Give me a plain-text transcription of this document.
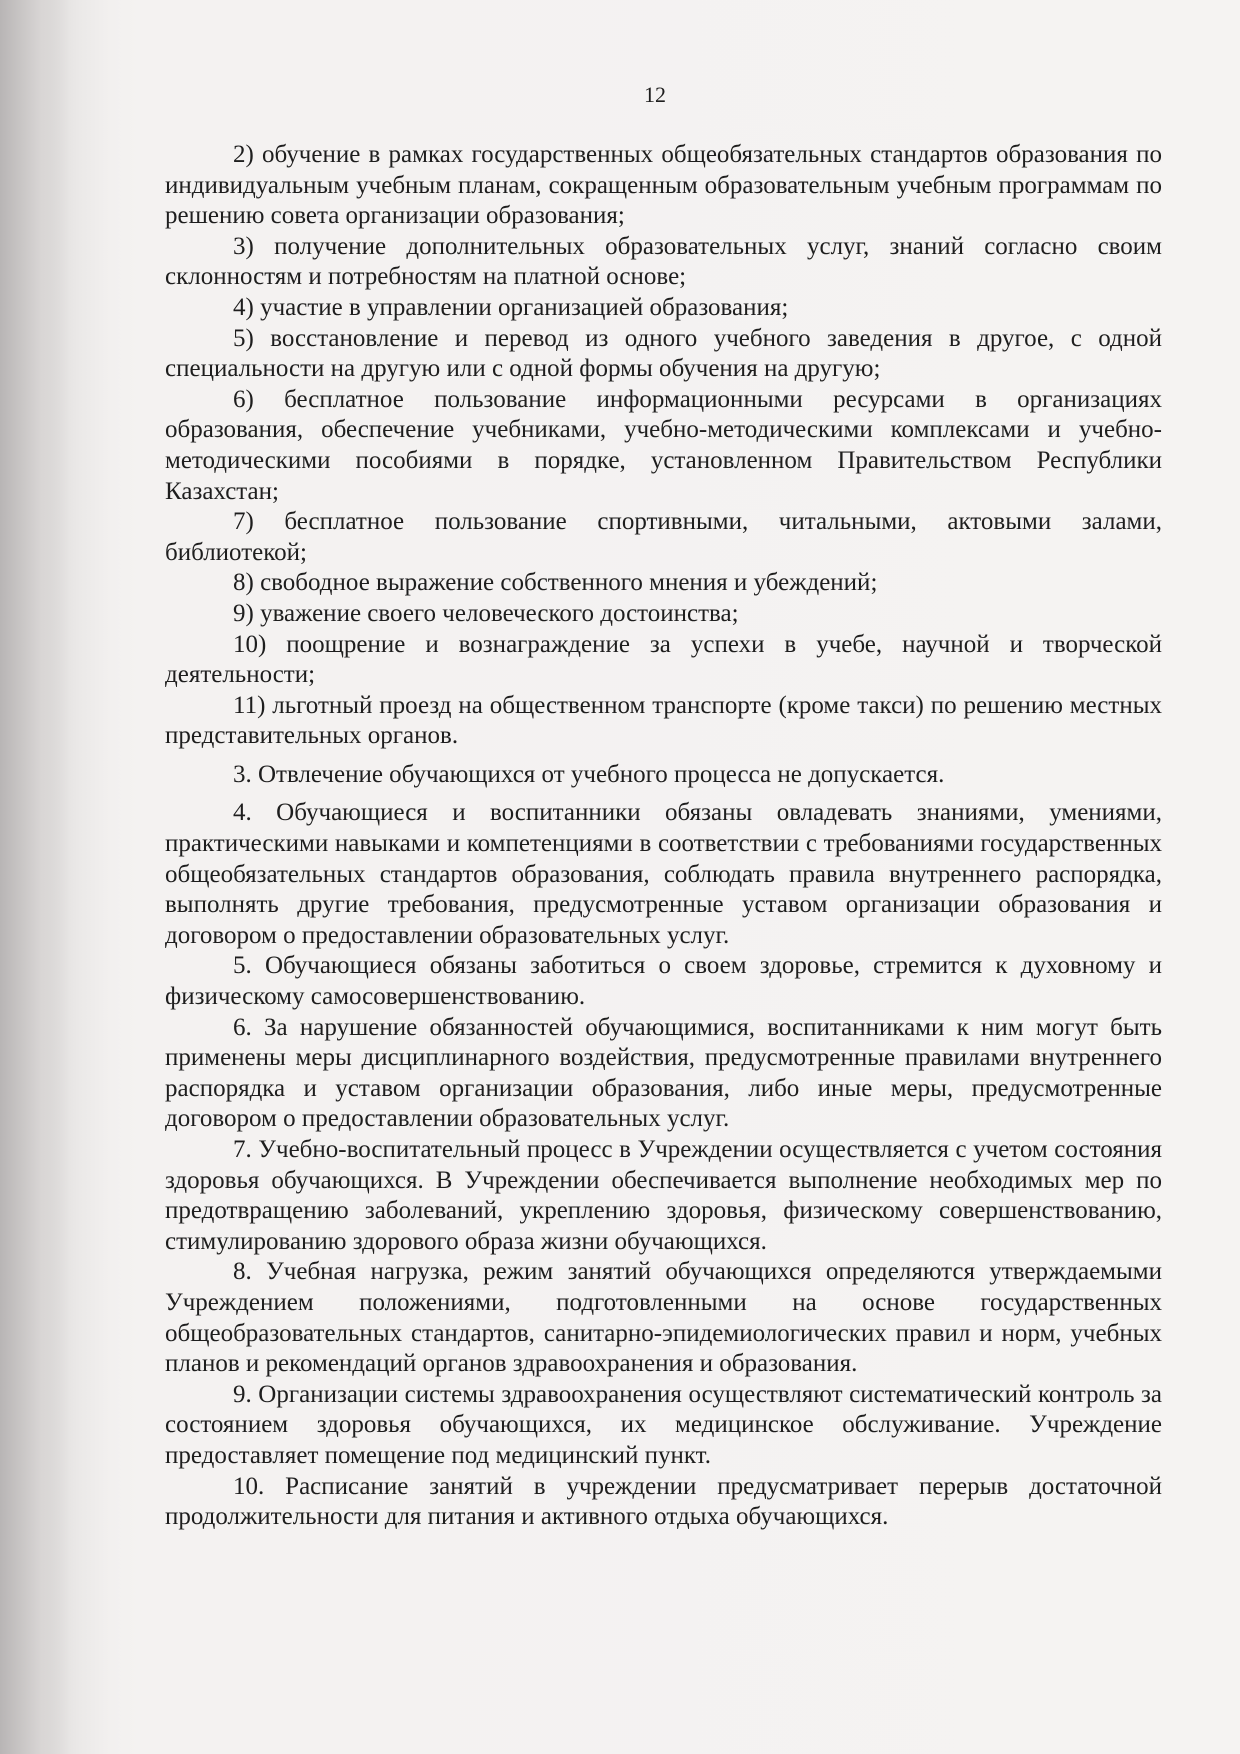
12

2) обучение в рамках государственных общеобязательных стандартов образования по индивидуальным учебным планам, сокращенным образовательным учебным программам по решению совета организации образования;

3) получение дополнительных образовательных услуг, знаний согласно своим склонностям и потребностям на платной основе;

4) участие в управлении организацией образования;

5) восстановление и перевод из одного учебного заведения в другое, с одной специальности на другую или с одной формы обучения на другую;

6) бесплатное пользование информационными ресурсами в организациях образования, обеспечение учебниками, учебно-методическими комплексами и учебно-методическими пособиями в порядке, установленном Правительством Республики Казахстан;

7) бесплатное пользование спортивными, читальными, актовыми залами, библиотекой;

8) свободное выражение собственного мнения и убеждений;

9) уважение своего человеческого достоинства;

10) поощрение и вознаграждение за успехи в учебе, научной и творческой деятельности;

11) льготный проезд на общественном транспорте (кроме такси) по решению местных представительных органов.

3. Отвлечение обучающихся от учебного процесса не допускается.

4. Обучающиеся и воспитанники обязаны овладевать знаниями, умениями, практическими навыками и компетенциями в соответствии с требованиями государственных общеобязательных стандартов образования, соблюдать правила внутреннего распорядка, выполнять другие требования, предусмотренные уставом организации образования и договором о предоставлении образовательных услуг.

5. Обучающиеся обязаны заботиться о своем здоровье, стремится к духовному и физическому самосовершенствованию.

6. За нарушение обязанностей обучающимися, воспитанниками к ним могут быть применены меры дисциплинарного воздействия, предусмотренные правилами внутреннего распорядка и уставом организации образования, либо иные меры, предусмотренные договором о предоставлении образовательных услуг.

7. Учебно-воспитательный процесс в Учреждении осуществляется с учетом состояния здоровья обучающихся. В Учреждении обеспечивается выполнение необходимых мер по предотвращению заболеваний, укреплению здоровья, физическому совершенствованию, стимулированию здорового образа жизни обучающихся.

8. Учебная нагрузка, режим занятий обучающихся определяются утверждаемыми Учреждением положениями, подготовленными на основе государственных общеобразовательных стандартов, санитарно-эпидемиологических правил и норм, учебных планов и рекомендаций органов здравоохранения и образования.

9. Организации системы здравоохранения осуществляют систематический контроль за состоянием здоровья обучающихся, их медицинское обслуживание. Учреждение предоставляет помещение под медицинский пункт.

10. Расписание занятий в учреждении предусматривает перерыв достаточной продолжительности для питания и активного отдыха обучающихся.
